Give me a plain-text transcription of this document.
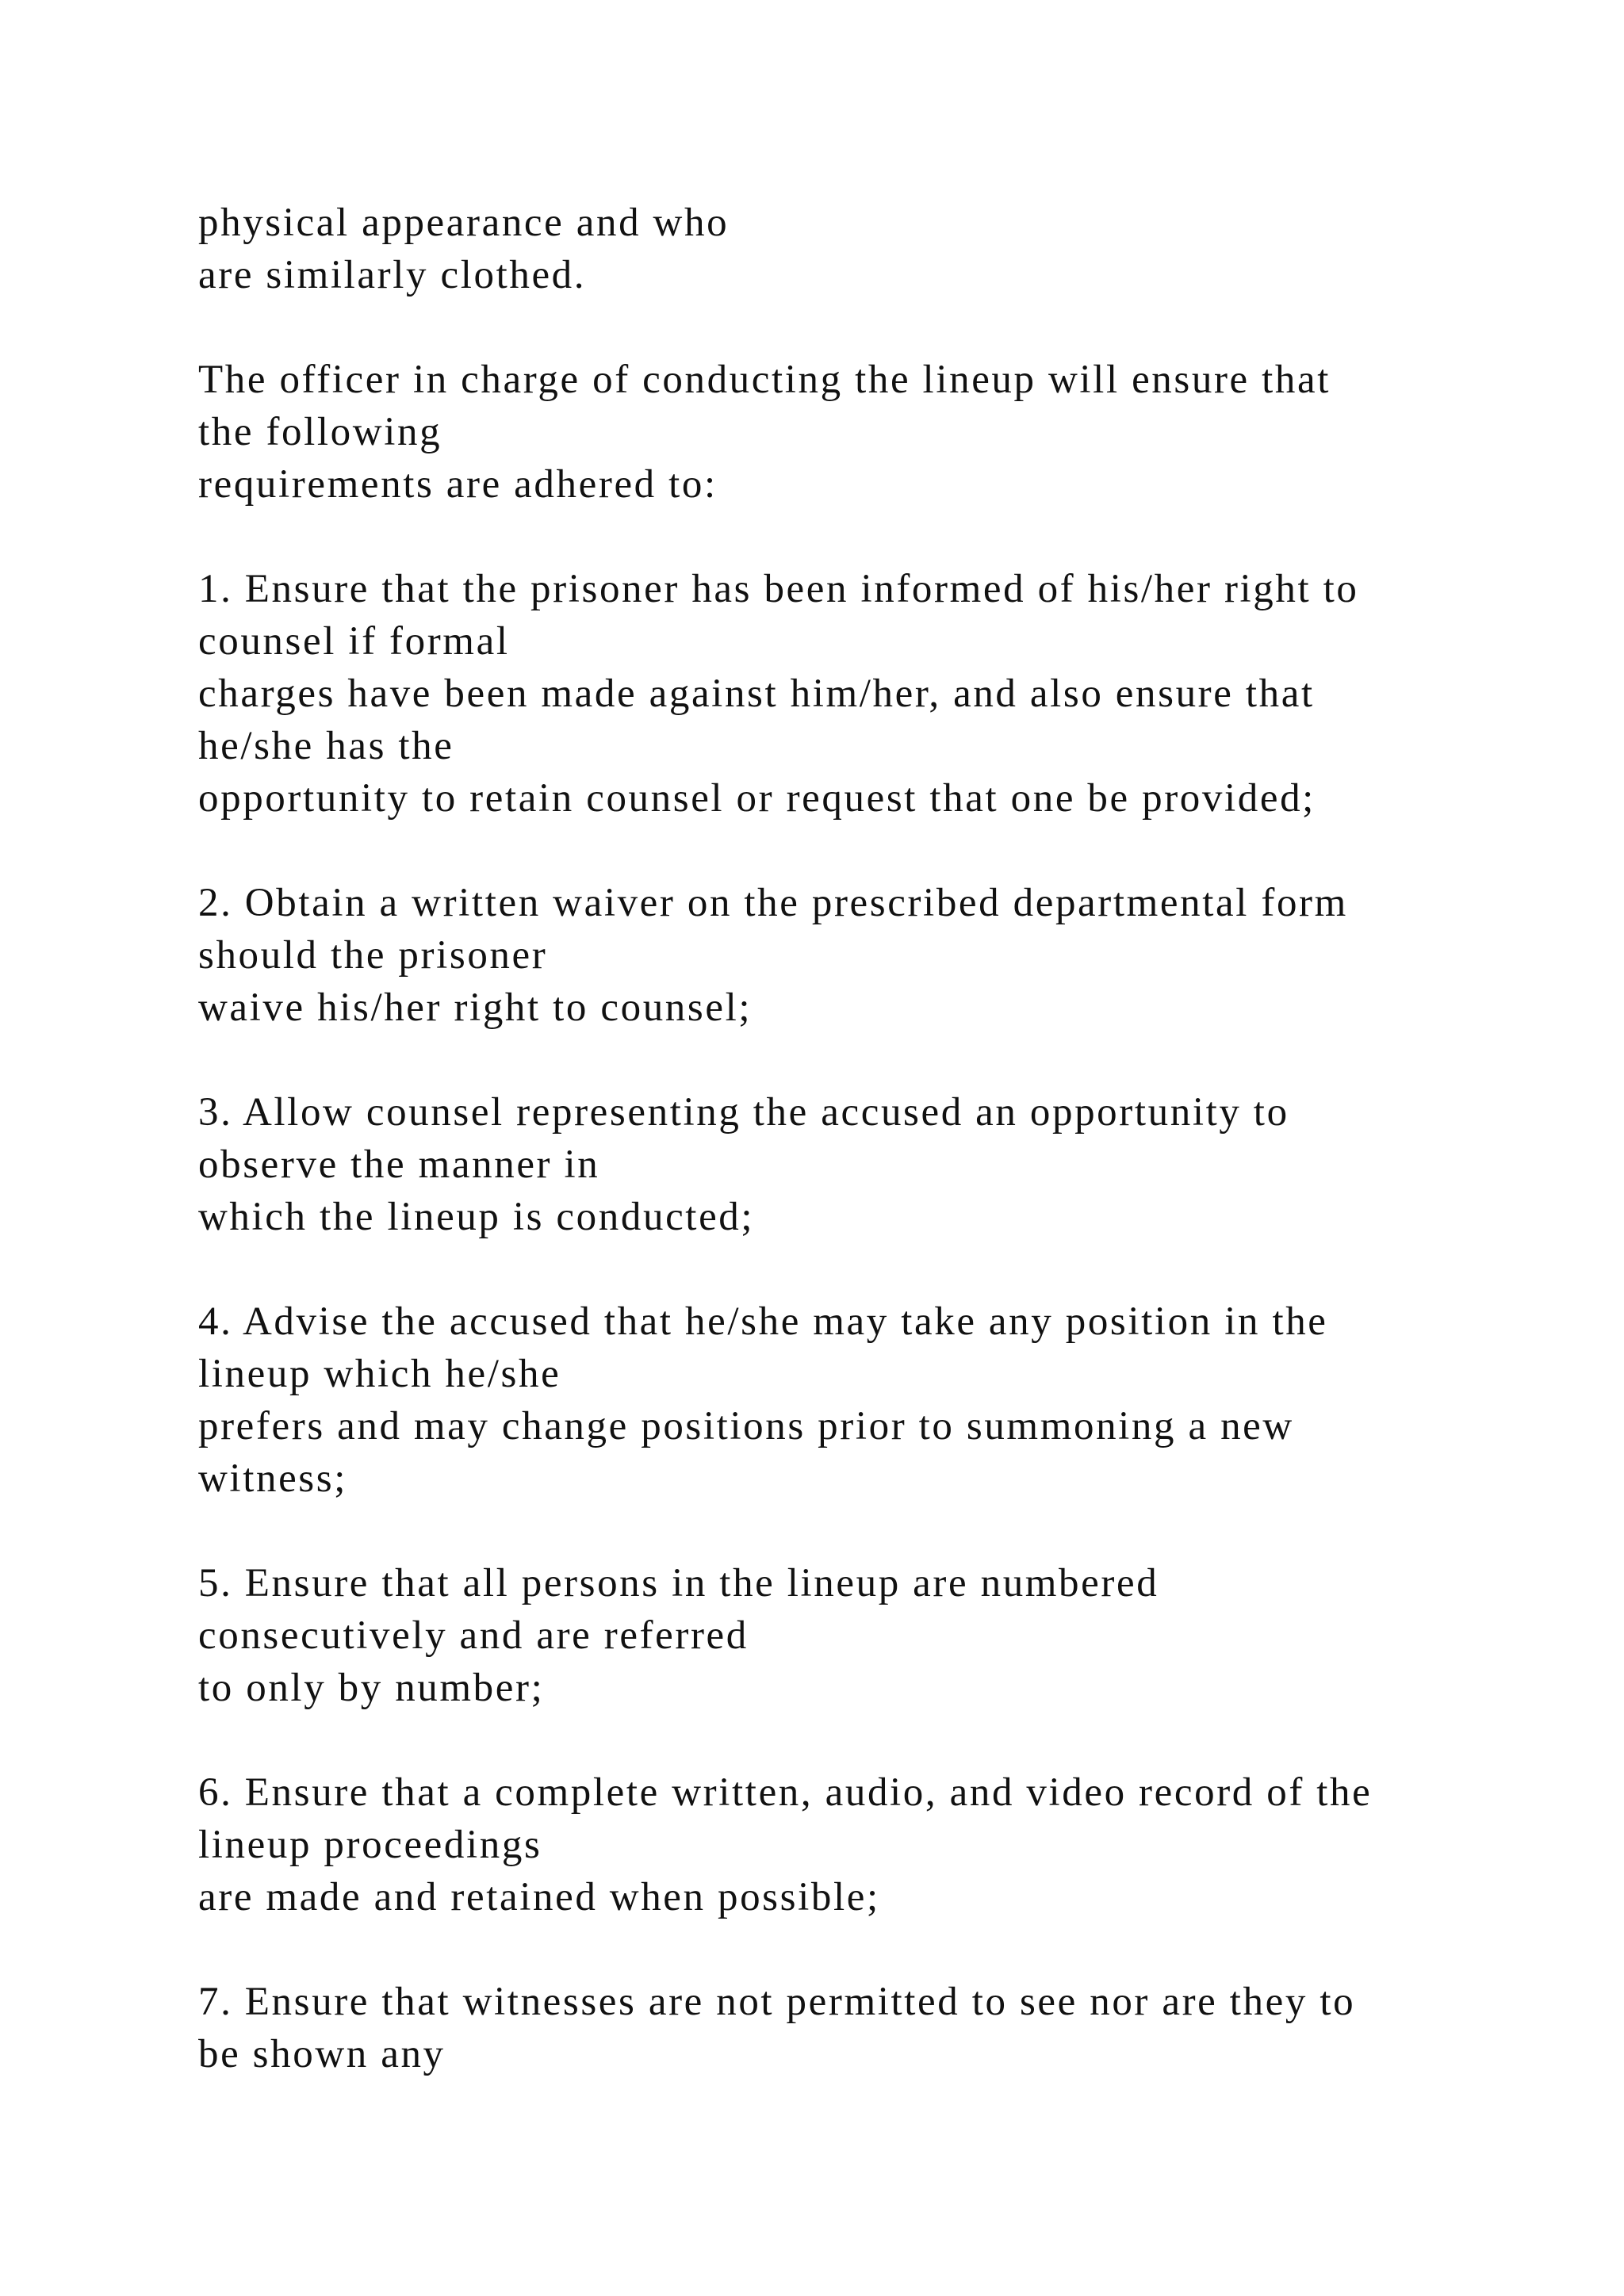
physical appearance and who
are similarly clothed.
The officer in charge of conducting the lineup will ensure that
the following
requirements are adhered to:
1. Ensure that the prisoner has been informed of his/her right to
counsel if formal
charges have been made against him/her, and also ensure that
he/she has the
opportunity to retain counsel or request that one be provided;
2. Obtain a written waiver on the prescribed departmental form
should the prisoner
waive his/her right to counsel;
3. Allow counsel representing the accused an opportunity to
observe the manner in
which the lineup is conducted;
4. Advise the accused that he/she may take any position in the
lineup which he/she
prefers and may change positions prior to summoning a new
witness;
5. Ensure that all persons in the lineup are numbered
consecutively and are referred
to only by number;
6. Ensure that a complete written, audio, and video record of the
lineup proceedings
are made and retained when possible;
7. Ensure that witnesses are not permitted to see nor are they to
be shown any
